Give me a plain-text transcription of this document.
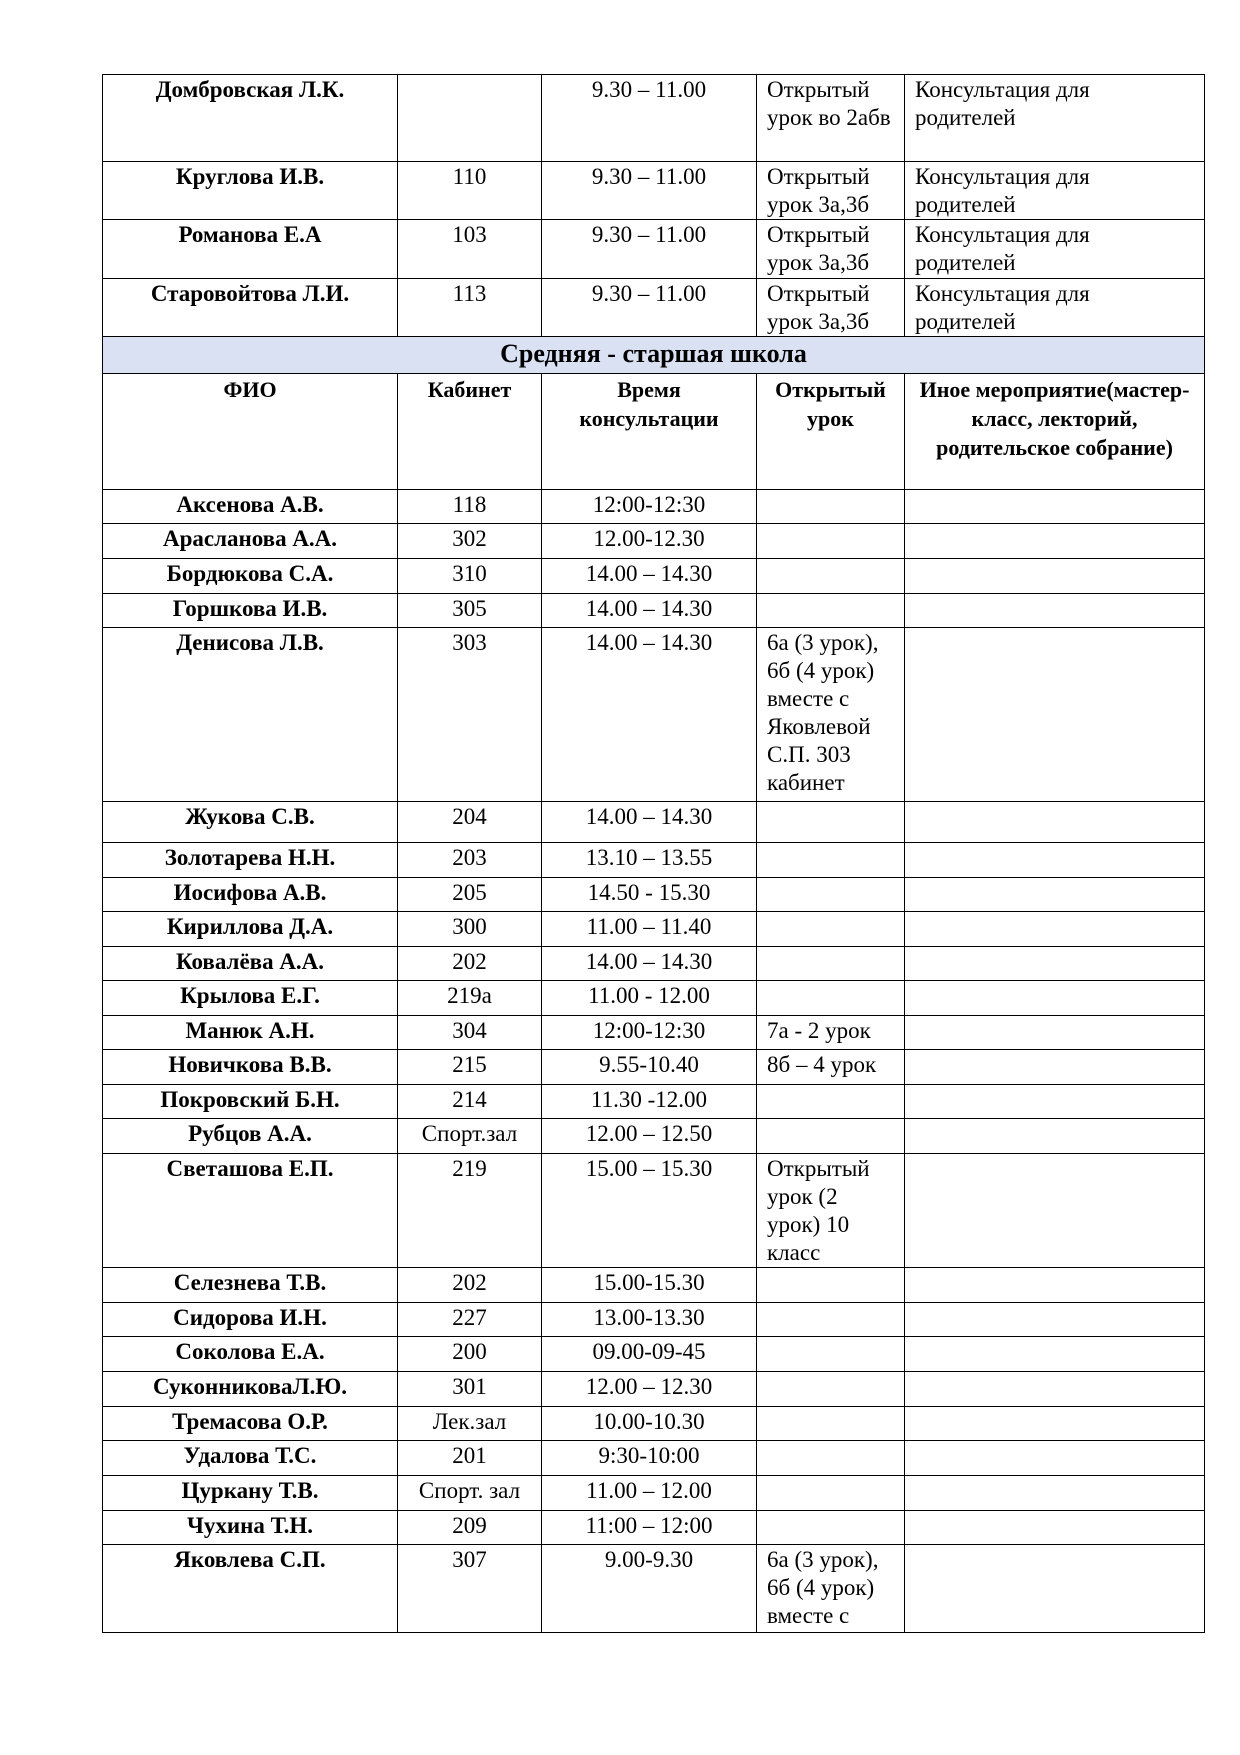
Домбровская Л.К.		9.30 – 11.00	Открытый урок во 2абв	Консультация для родителей
Круглова И.В.	110	9.30 – 11.00	Открытый урок 3а,3б	Консультация для родителей
Романова Е.А	103	9.30 – 11.00	Открытый урок 3а,3б	Консультация для родителей
Старовойтова Л.И.	113	9.30 – 11.00	Открытый урок 3а,3б	Консультация для родителей
Средняя - старшая школа				
ФИО	Кабинет	Время консультации	Открытый урок	Иное мероприятие(мастер-класс, лекторий, родительское собрание)
Аксенова А.В.	118	12:00-12:30		
Арасланова А.А.	302	12.00-12.30		
Бордюкова С.А.	310	14.00 – 14.30		
Горшкова И.В.	305	14.00 – 14.30		
Денисова Л.В.	303	14.00 – 14.30	6а (3 урок), 6б (4 урок) вместе с Яковлевой С.П. 303 кабинет	
Жукова С.В.	204	14.00 – 14.30		
Золотарева Н.Н.	203	13.10 – 13.55		
Иосифова А.В.	205	14.50 - 15.30		
Кириллова Д.А.	300	11.00 – 11.40		
Ковалёва А.А.	202	14.00 – 14.30		
Крылова Е.Г.	219а	11.00 - 12.00		
Манюк А.Н.	304	12:00-12:30	7а - 2 урок	
Новичкова В.В.	215	9.55-10.40	8б – 4 урок	
Покровский Б.Н.	214	11.30 -12.00		
Рубцов А.А.	Спорт.зал	12.00 – 12.50		
Светашова Е.П.	219	15.00 – 15.30	Открытый урок (2 урок) 10 класс	
Селезнева Т.В.	202	15.00-15.30		
Сидорова И.Н.	227	13.00-13.30		
Соколова Е.А.	200	09.00-09-45		
СуконниковаЛ.Ю.	301	12.00 – 12.30		
Тремасова О.Р.	Лек.зал	10.00-10.30		
Удалова Т.С.	201	9:30-10:00		
Цуркану Т.В.	Спорт. зал	11.00 – 12.00		
Чухина Т.Н.	209	11:00 – 12:00		
Яковлева С.П.	307	9.00-9.30	6а (3 урок), 6б (4 урок) вместе с	
